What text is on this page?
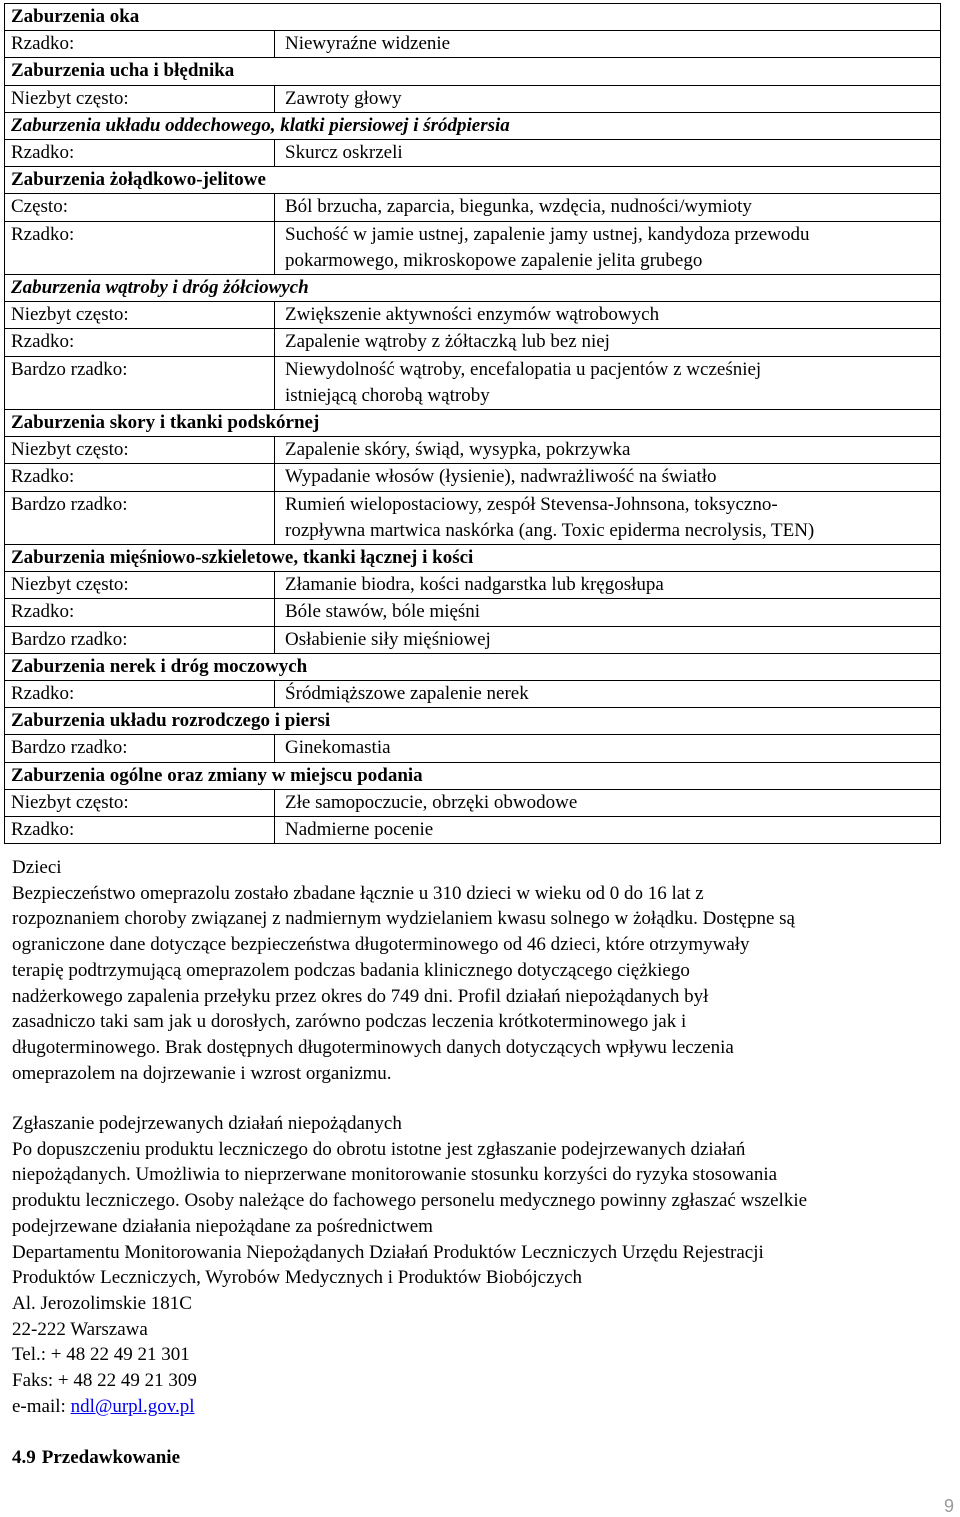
Zaburzenia oka	
Rzadko:	Niewyraźne widzenie

Zaburzenia ucha i błędnika	
Niezbyt często:	Zawroty głowy

Zaburzenia układu oddechowego, klatki piersiowej i śródpiersia	
Rzadko:	Skurcz oskrzeli

Zaburzenia żołądkowo-jelitowe	
Często:	Ból brzucha, zaparcia, biegunka, wzdęcia, nudności/wymioty

Rzadko:	Suchość w jamie ustnej, zapalenie jamy ustnej, kandydoza przewodu
pokarmowego, mikroskopowe zapalenie jelita grubego

Zaburzenia wątroby i dróg żółciowych	
Niezbyt często:	Zwiększenie aktywności enzymów wątrobowych

Rzadko:	Zapalenie wątroby z żółtaczką lub bez niej

Bardzo rzadko:	Niewydolność wątroby, encefalopatia u pacjentów z wcześniej
istniejącą chorobą wątroby

Zaburzenia skory i tkanki podskórnej	
Niezbyt często:	Zapalenie skóry, świąd, wysypka, pokrzywka

Rzadko:	Wypadanie włosów (łysienie), nadwrażliwość na światło

Bardzo rzadko:	Rumień wielopostaciowy, zespół Stevensa-Johnsona, toksyczno-
rozpływna martwica naskórka (ang. Toxic epiderma necrolysis, TEN)

Zaburzenia mięśniowo-szkieletowe, tkanki łącznej i kości	
Niezbyt często:	Złamanie biodra, kości nadgarstka lub kręgosłupa

Rzadko:	Bóle stawów, bóle mięśni

Bardzo rzadko:	Osłabienie siły mięśniowej

Zaburzenia nerek i dróg moczowych	
Rzadko:	Śródmiąższowe zapalenie nerek

Zaburzenia układu rozrodczego i piersi	
Bardzo rzadko:	Ginekomastia

Zaburzenia ogólne oraz zmiany w miejscu podania	
Niezbyt często:	Złe samopoczucie, obrzęki obwodowe

Rzadko:	Nadmierne pocenie

Dzieci

Bezpieczeństwo omeprazolu zostało zbadane łącznie u 310 dzieci w wieku od 0 do 16 lat z

rozpoznaniem choroby związanej z nadmiernym wydzielaniem kwasu solnego w żołądku. Dostępne są

ograniczone dane dotyczące bezpieczeństwa długoterminowego od 46 dzieci, które otrzymywały

terapię podtrzymującą omeprazolem podczas badania klinicznego dotyczącego ciężkiego

nadżerkowego zapalenia przełyku przez okres do 749 dni. Profil działań niepożądanych był

zasadniczo taki sam jak u dorosłych, zarówno podczas leczenia krótkoterminowego jak i

długoterminowego. Brak dostępnych długoterminowych danych dotyczących wpływu leczenia

omeprazolem na dojrzewanie i wzrost organizmu.

Zgłaszanie podejrzewanych działań niepożądanych

Po dopuszczeniu produktu leczniczego do obrotu istotne jest zgłaszanie podejrzewanych działań

niepożądanych. Umożliwia to nieprzerwane monitorowanie stosunku korzyści do ryzyka stosowania

produktu leczniczego. Osoby należące do fachowego personelu medycznego powinny zgłaszać wszelkie

podejrzewane działania niepożądane za pośrednictwem

Departamentu Monitorowania Niepożądanych Działań Produktów Leczniczych Urzędu Rejestracji

Produktów Leczniczych, Wyrobów Medycznych i Produktów Biobójczych

Al. Jerozolimskie 181C

22-222 Warszawa

Tel.: + 48 22 49 21 301

Faks: + 48 22 49 21 309

e-mail: ndl@urpl.gov.pl

4.9 Przedawkowanie
9
